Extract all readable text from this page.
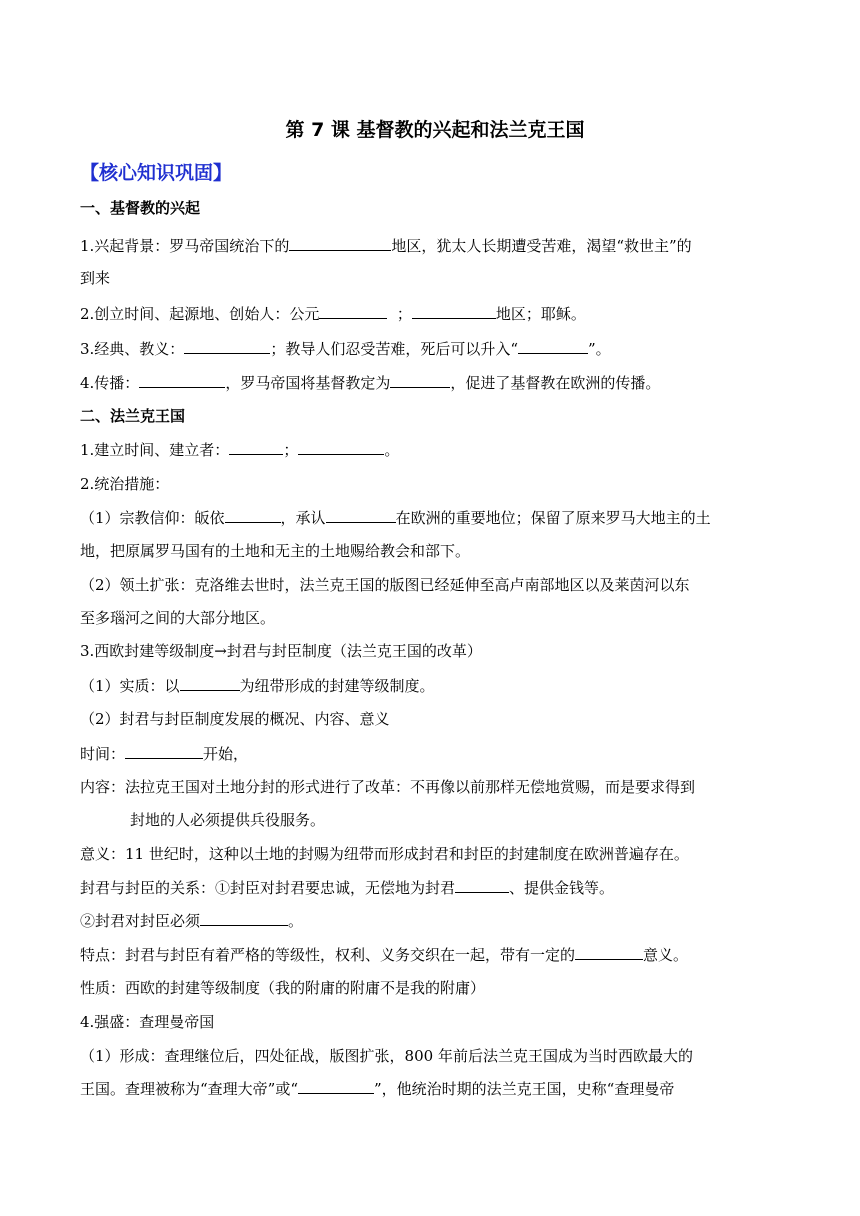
第 7 课 基督教的兴起和法兰克王国
【核心知识巩固】
一、基督教的兴起
1.兴起背景：罗马帝国统治下的	地区，犹太人长期遭受苦难，渴望“救世主”的
到来
2.创立时间、起源地、创始人：公元	；	地区；耶稣。
3.经典、教义：	；教导人们忍受苦难，死后可以升入“	”。
4.传播：	，罗马帝国将基督教定为	，促进了基督教在欧洲的传播。
二、法兰克王国
1.建立时间、建立者：	；	。
2.统治措施：
（1）宗教信仰：皈依	，承认	在欧洲的重要地位；保留了原来罗马大地主的土
地，把原属罗马国有的土地和无主的土地赐给教会和部下。
（2）领土扩张：克洛维去世时，法兰克王国的版图已经延伸至高卢南部地区以及莱茵河以东
至多瑙河之间的大部分地区。
3.西欧封建等级制度→封君与封臣制度（法兰克王国的改革）
（1）实质：以	为纽带形成的封建等级制度。
（2）封君与封臣制度发展的概况、内容、意义
时间：	开始，
内容：法拉克王国对土地分封的形式进行了改革：不再像以前那样无偿地赏赐，而是要求得到
封地的人必须提供兵役服务。
意义：11 世纪时，这种以土地的封赐为纽带而形成封君和封臣的封建制度在欧洲普遍存在。
封君与封臣的关系：①封臣对封君要忠诚，无偿地为封君	、提供金钱等。
②封君对封臣必须	。
特点：封君与封臣有着严格的等级性，权利、义务交织在一起，带有一定的	意义。
性质：西欧的封建等级制度（我的附庸的附庸不是我的附庸）
4.强盛：查理曼帝国
（1）形成：查理继位后，四处征战，版图扩张，800 年前后法兰克王国成为当时西欧最大的
王国。查理被称为“查理大帝”或“	”，他统治时期的法兰克王国，史称“查理曼帝
